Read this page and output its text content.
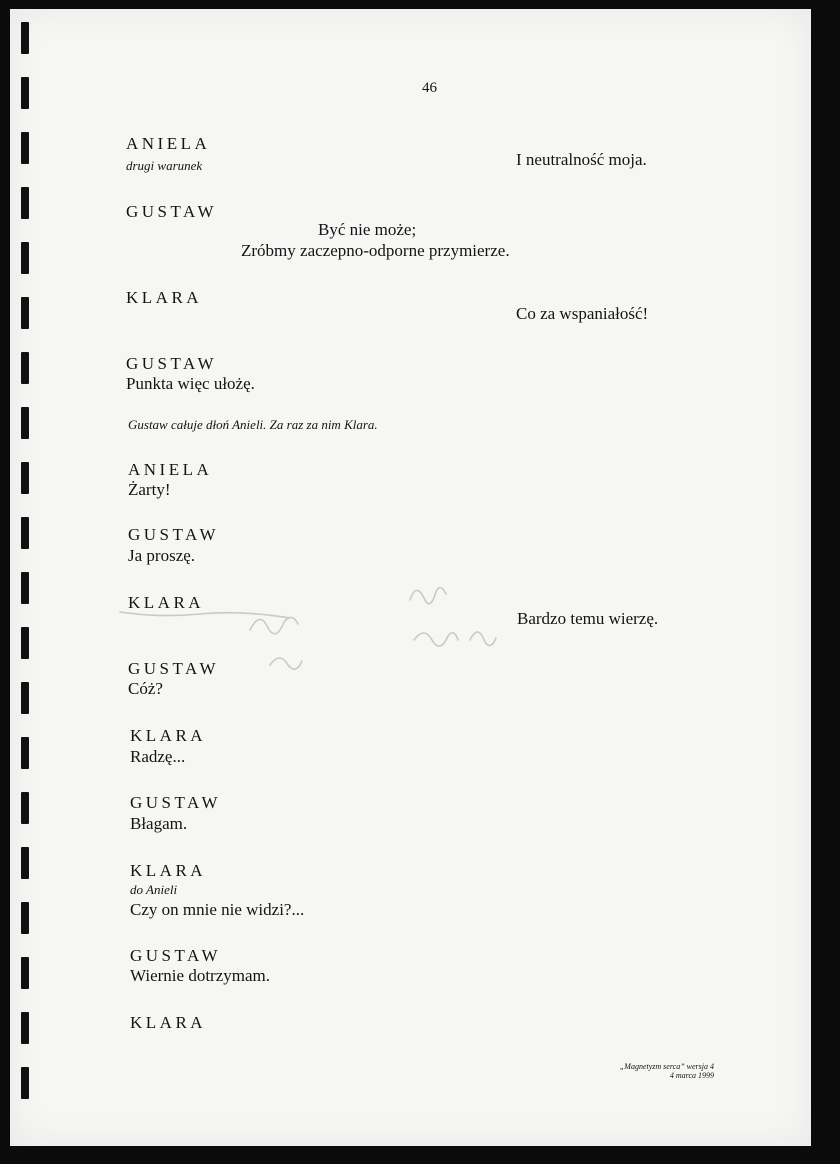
46
ANIELA
drugi warunek	I neutralność moja.
GUSTAW
Być nie może;
Zróbmy zaczepno-odporne przymierze.
KLARA
Co za wspaniałość!
GUSTAW
Punkta więc ułożę.
Gustaw całuje dłoń Anieli. Za raz za nim Klara.
ANIELA
Żarty!
GUSTAW
Ja proszę.
KLARA
Bardzo temu wierzę.
GUSTAW
Cóż?
KLARA
Radzę...
GUSTAW
Błagam.
KLARA
do Anieli
Czy on mnie nie widzi?...
GUSTAW
Wiernie dotrzymam.
KLARA
„Magnetyzm serca” wersja 4
4 marca 1999
